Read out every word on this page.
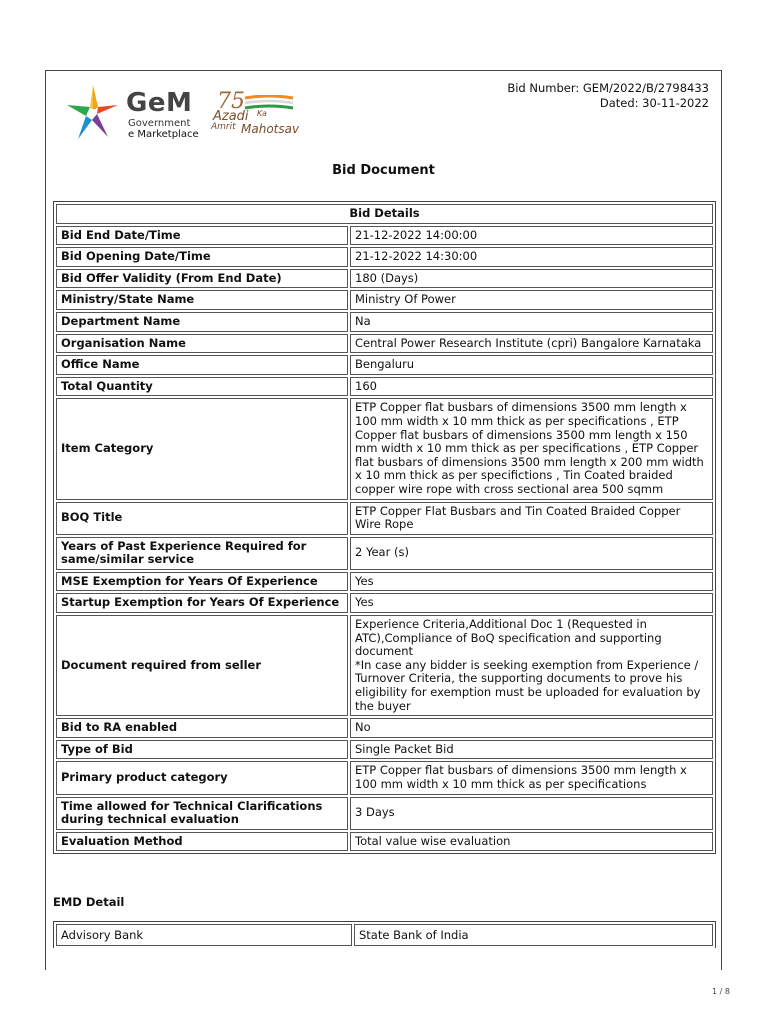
GeM
Government
e Marketplace
75
Azadi Ka
Amrit Mahotsav
Bid Number: GEM/2022/B/2798433
Dated: 30-11-2022
Bid Document
Bid Details	
Bid End Date/Time	21-12-2022 14:00:00
Bid Opening Date/Time	21-12-2022 14:30:00
Bid Offer Validity (From End Date)	180 (Days)
Ministry/State Name	Ministry Of Power
Department Name	Na
Organisation Name	Central Power Research Institute (cpri) Bangalore Karnataka
Office Name	Bengaluru
Total Quantity	160
Item Category	ETP Copper flat busbars of dimensions 3500 mm length x 100 mm width x 10 mm thick as per specifications , ETP Copper flat busbars of dimensions 3500 mm length x 150 mm width x 10 mm thick as per specifications , ETP Copper flat busbars of dimensions 3500 mm length x 200 mm width x 10 mm thick as per specifictions , Tin Coated braided copper wire rope with cross sectional area 500 sqmm
BOQ Title	ETP Copper Flat Busbars and Tin Coated Braided Copper Wire Rope
Years of Past Experience Required for same/similar service	2 Year (s)
MSE Exemption for Years Of Experience	Yes
Startup Exemption for Years Of Experience	Yes
Document required from seller	Experience Criteria,Additional Doc 1 (Requested in ATC),Compliance of BoQ specification and supporting document
*In case any bidder is seeking exemption from Experience / Turnover Criteria, the supporting documents to prove his eligibility for exemption must be uploaded for evaluation by the buyer

Bid to RA enabled	No
Type of Bid	Single Packet Bid
Primary product category	ETP Copper flat busbars of dimensions 3500 mm length x 100 mm width x 10 mm thick as per specifications
Time allowed for Technical Clarifications during technical evaluation	3 Days
Evaluation Method	Total value wise evaluation
EMD Detail
Advisory Bank	State Bank of India
1 / 8
